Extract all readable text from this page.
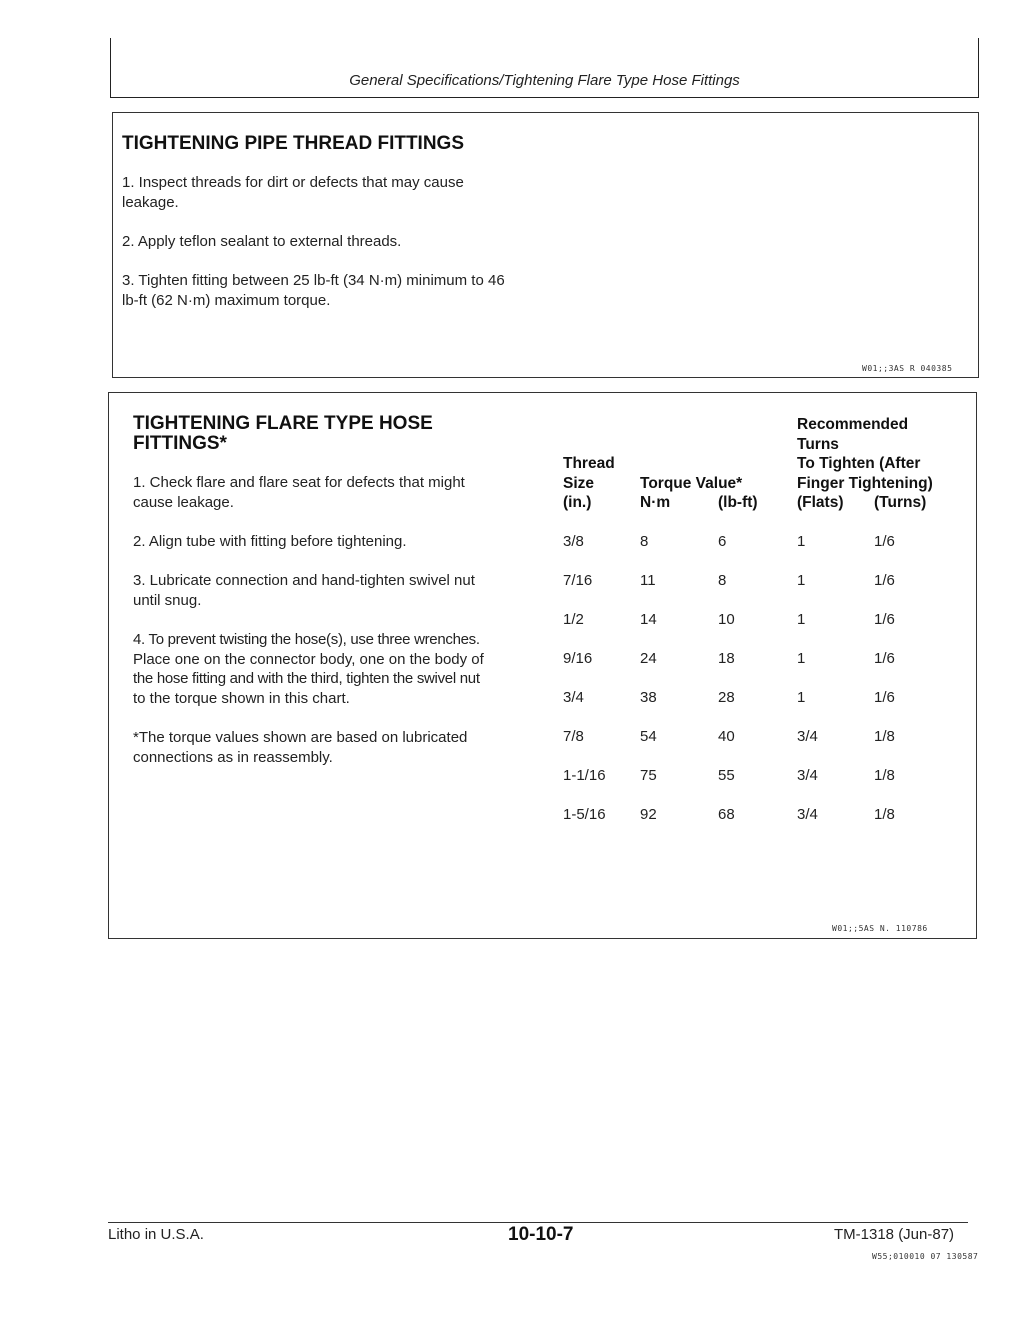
General Specifications/Tightening Flare Type Hose Fittings
TIGHTENING PIPE THREAD FITTINGS
1. Inspect threads for dirt or defects that may cause
leakage.
2. Apply teflon sealant to external threads.
3. Tighten fitting between 25 lb-ft (34 N·m) minimum to 46
lb-ft (62 N·m) maximum torque.
W01;;3AS R 040385
TIGHTENING FLARE TYPE HOSE
FITTINGS*
1. Check flare and flare seat for defects that might
cause leakage.
2. Align tube with fitting before tightening.
3. Lubricate connection and hand-tighten swivel nut
until snug.
4. To prevent twisting the hose(s), use three wrenches.
Place one on the connector body, one on the body of
the hose fitting and with the third, tighten the swivel nut
to the torque shown in this chart.
*The torque values shown are based on lubricated
connections as in reassembly.
Thread
Size
(in.)
Torque Value*
N·m	(lb-ft)
Recommended
Turns
To Tighten (After
Finger Tightening)
(Flats) (Turns)
3/8	8	6	1	1/6
7/16	11	8	1	1/6
1/2	14	10	1	1/6
9/16	24	18	1	1/6
3/4	38	28	1	1/6
7/8	54	40	3/4	1/8
1-1/16 75	55	3/4	1/8
1-5/16 92	68	3/4	1/8
W01;;5AS N. 110786
Litho in U.S.A.	10-10-7	TM-1318 (Jun-87)
W55;010010 07 130587
